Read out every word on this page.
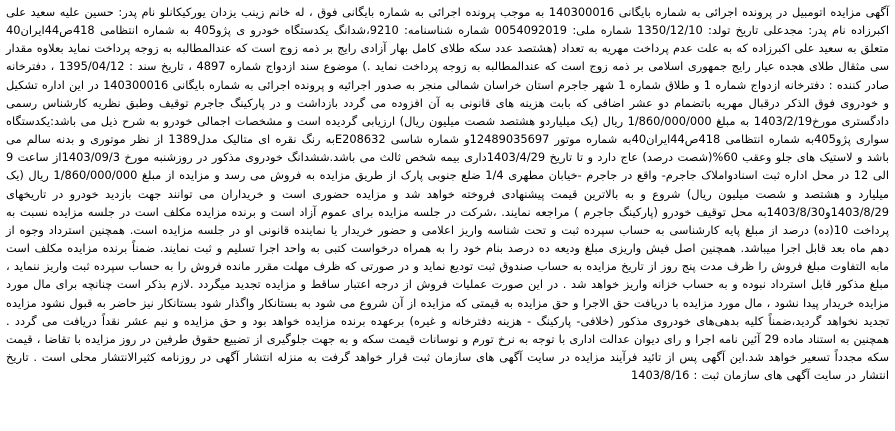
آگهی مزایده اتومبیل در پرونده اجرائی به شماره بایگانی 140300016 به موجب پرونده اجرائی به شماره بایگانی فوق ، له خانم زینب یزدان یورکیکانلو نام پدر: حسین علیه سعید علی اکبرزاده نام پدر: مجدعلی تاریخ تولد: 1350/12/10 شماره ملی: 0054092019 شماره شناسنامه: 9210،شدانگ یکدستگاه خودرو ی پژو405 به شماره انتظامی 418ص44ایران40 متعلق به سعید علی اکبرزاده که به علت عدم پرداخت مهریه به تعداد (هشتصد عدد سکه طلای کامل بهار آزادی رایج بر ذمه زوج است که عندالمطالبه به زوجه پرداخت نماید بعلاوه مقدار سی مثقال طلای هجده عیار رایج جمهوری اسلامی بر ذمه زوج است که عندالمطالبه به زوجه پرداخت نماید .) موضوع سند ازدواج شماره 4897 ، تاریخ سند : 1395/04/12 ، دفترخانه صادر کننده : دفترخانه ازدواج شماره 1 و طلاق شماره 1 شهر جاجرم استان خراسان شمالی منجر به صدور اجرائیه و پرونده اجرائی به شماره بایگانی 140300016 در این اداره تشکیل و خودروی فوق الذکر درقبال مهریه باتضمام دو عشر اضافی که بابت هزینه های قانونی به آن افزوده می گردد بازداشت و در پارکینگ جاجرم توقیف وطبق نظریه کارشناس رسمی دادگستری مورخ1403/2/19 به مبلغ 1/860/000/000 ریال (یک میلیاردو هشتصد شصت میلیون ریال) ارزیابی گردیده است و مشخصات اجمالی خودرو به شرح ذیل می باشد:یکدستگاه سواری پژو405به شماره انتظامی 418ص44ایران40به شماره موتور 12489035697و شماره شاسی E208632به رنگ نقره ای متالیک مدل1389 از نظر موتوری و بدنه سالم می باشد و لاستیک های جلو وعقب 60%(شصت درصد) عاج دارد و تا تاریخ 1403/4/29داری بیمه شخص ثالث می باشد.ششدانگ خودروی مذکور در روزشنبه مورخ 1403/09/3از ساعت 9 الی 12 در محل اداره ثبت اسنادواملاک جاجرم- واقع در جاجرم -خیابان مطهری 1/4 ضلع جنوبی پارک از طریق مزایده به فروش می رسد و مزایده از مبلغ 1/860/000/000 ریال (یک میلیارد و هشتصد و شصت میلیون ریال) شروع و به بالاترین قیمت پیشنهادی فروخته خواهد شد و مزایده حضوری است و خریداران می توانند جهت بازدید خودرو در تاریخهای 1403/8/29و1403/8/30به محل توقیف خودرو (پارکینگ جاجرم ) مراجعه نمایند. ،شرکت در جلسه مزایده برای عموم آزاد است و برنده مزایده مکلف است در جلسه مزایده نسبت به پرداخت 10(ده) درصد از مبلغ پایه کارشناسی به حساب سپرده ثبت و تحت شناسه واریز اعلامی و حضور خریدار یا نماینده قانونی او در جلسه مزایده است. همچنین استرداد وجوه از دهم ماه بعد قابل اجرا میباشد. همچنین اصل فیش واریزی مبلغ ودیعه ده درصد بنام خود را به همراه درخواست کتبی به واحد اجرا تسلیم و ثبت نمایند. ضمناً برنده مزایده مکلف است مابه التفاوت مبلغ فروش را ظرف مدت پنج روز از تاریخ مزایده به حساب صندوق ثبت تودیع نماید و در صورتی که ظرف مهلت مقرر مانده فروش را به حساب سپرده ثبت واریز ننماید ، مبلغ مذکور قابل استرداد نبوده و به حساب خزانه واریز خواهد شد . در این صورت عملیات فروش از درجه اعتبار ساقط و مزایده تجدید میگردد .لازم بذکر است چنانچه برای مال مورد مزایده خریدار پیدا نشود ، مال مورد مزایده با دریافت حق الاجرا و حق مزایده به قیمتی که مزایده از آن شروع می شود به بستانکار واگذار شود بستانکار نیز حاضر به قبول نشود مزایده تجدید نخواهد گردید،ضمناً کلیه بدهی‌های خودروی مذکور (خلافی- پارکینگ - هزینه دفترخانه و غیره) برعهده برنده مزایده خواهد بود و حق مزایده و نیم عشر نقداً دریافت می گردد . همچنین به استناد ماده 29 آئین نامه اجرا و رای دیوان عدالت اداری با توجه به نرخ تورم و نوسانات قیمت سکه و به جهت جلوگیری از تضییع حقوق طرفین در روز مزایده با تقاضا ، قیمت سکه مجدداً تسعیر خواهد شد.این آگهی پس از تائید فرآیند مزایده در سایت آگهی های سازمان ثبت قرار خواهد گرفت به منزله انتشار آگهی در روزنامه کثیرالانتشار محلی است . تاریخ انتشار در سایت آگهی های سازمان ثبت : 1403/8/16
